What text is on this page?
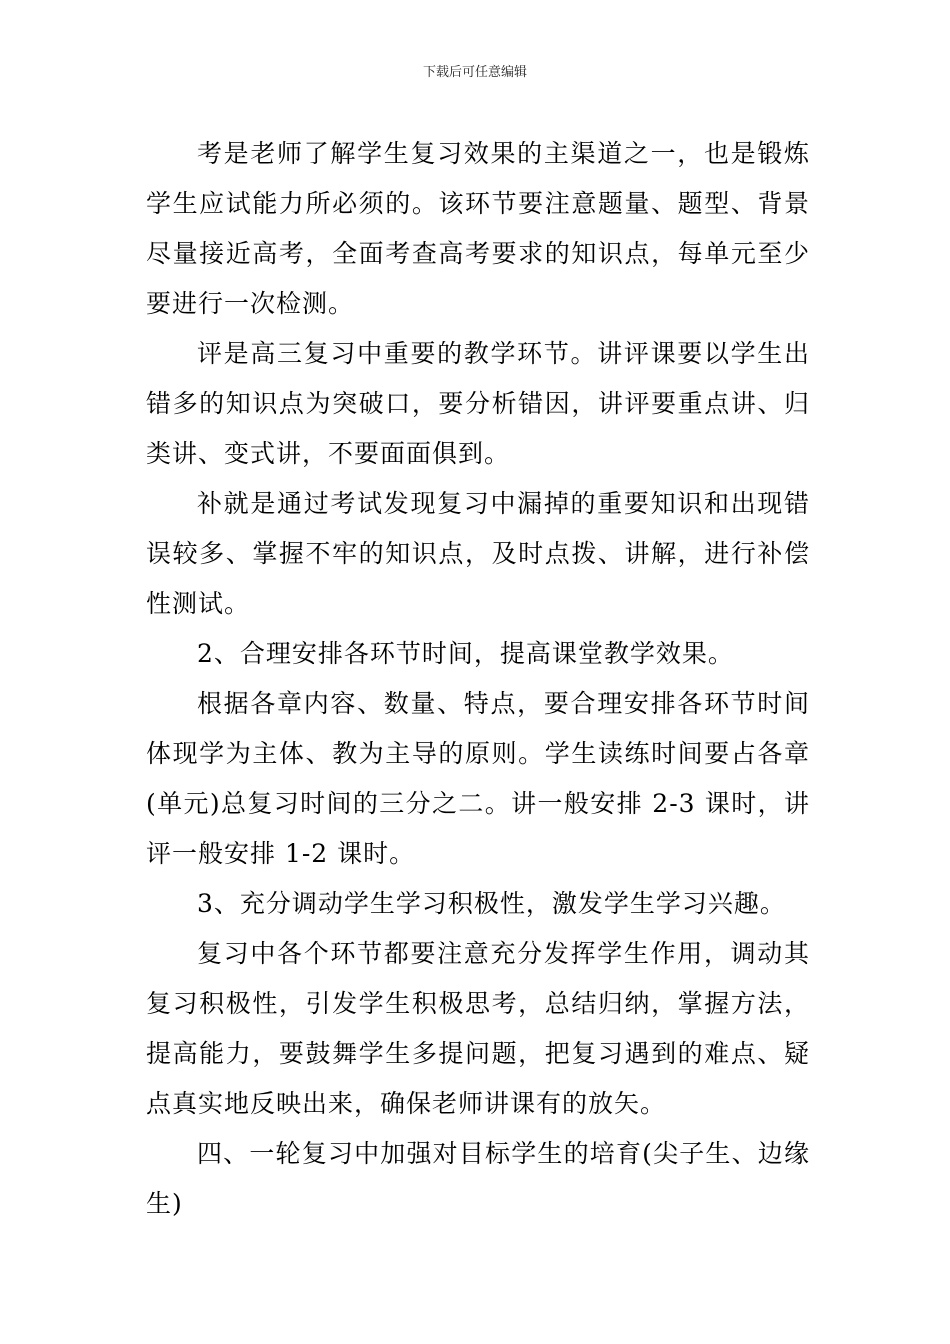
下载后可任意编辑

考是老师了解学生复习效果的主渠道之一，也是锻炼学生应试能力所必须的。该环节要注意题量、题型、背景尽量接近高考，全面考查高考要求的知识点，每单元至少要进行一次检测。

评是高三复习中重要的教学环节。讲评课要以学生出错多的知识点为突破口，要分析错因，讲评要重点讲、归类讲、变式讲，不要面面俱到。

补就是通过考试发现复习中漏掉的重要知识和出现错误较多、掌握不牢的知识点，及时点拨、讲解，进行补偿性测试。

2、合理安排各环节时间，提高课堂教学效果。

根据各章内容、数量、特点，要合理安排各环节时间体现学为主体、教为主导的原则。学生读练时间要占各章(单元)总复习时间的三分之二。讲一般安排 2-3 课时，讲评一般安排 1-2 课时。

3、充分调动学生学习积极性，激发学生学习兴趣。

复习中各个环节都要注意充分发挥学生作用，调动其复习积极性，引发学生积极思考，总结归纳，掌握方法，提高能力，要鼓舞学生多提问题，把复习遇到的难点、疑点真实地反映出来，确保老师讲课有的放矢。

四、一轮复习中加强对目标学生的培育(尖子生、边缘生)
